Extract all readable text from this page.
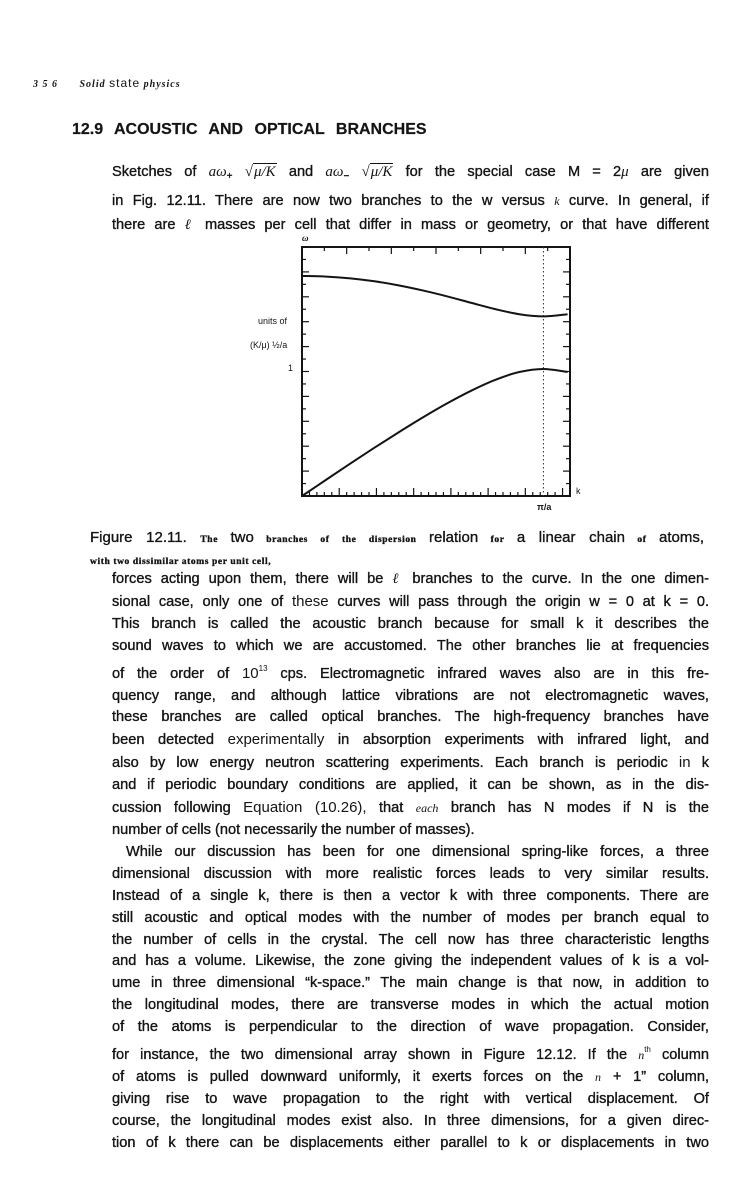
3 5 6 Solid state physics
12.9 ACOUSTIC AND OPTICAL BRANCHES
Sketches of $a\omega_+$ √μ/K and $a\omega_-$ √μ/K for the special case M = 2μ are given
in Fig. 12.11. There are now two branches to the w versus k curve. In general, if
there are ℓ masses per cell that differ in mass or geometry, or that have different
ω
units of
(K/μ) ½/a
1
k
π/a
Figure 12.11. The two branches of the dispersion relation for a linear chain of atoms,
with two dissimilar atoms per unit cell,
forces acting upon them, there will be ℓ branches to the curve. In the one dimen-
sional case, only one of these curves will pass through the origin w = 0 at k = 0.
This branch is called the acoustic branch because for small k it describes the
sound waves to which we are accustomed. The other branches lie at frequencies
of the order of $10^{13}$ cps. Electromagnetic infrared waves also are in this fre-
quency range, and although lattice vibrations are not electromagnetic waves,
these branches are called optical branches. The high-frequency branches have
been detected experimentally in absorption experiments with infrared light, and
also by low energy neutron scattering experiments. Each branch is periodic in k
and if periodic boundary conditions are applied, it can be shown, as in the dis-
cussion following Equation (10.26), that each branch has N modes if N is the
number of cells (not necessarily the number of masses).
While our discussion has been for one dimensional spring-like forces, a three
dimensional discussion with more realistic forces leads to very similar results.
Instead of a single k, there is then a vector k with three components. There are
still acoustic and optical modes with the number of modes per branch equal to
the number of cells in the crystal. The cell now has three characteristic lengths
and has a volume. Likewise, the zone giving the independent values of k is a vol-
ume in three dimensional “k-space.” The main change is that now, in addition to
the longitudinal modes, there are transverse modes in which the actual motion
of the atoms is perpendicular to the direction of wave propagation. Consider,
for instance, the two dimensional array shown in Figure 12.12. If the $n^{th}$ column
of atoms is pulled downward uniformly, it exerts forces on the n + 1” column,
giving rise to wave propagation to the right with vertical displacement. Of
course, the longitudinal modes exist also. In three dimensions, for a given direc-
tion of k there can be displacements either parallel to k or displacements in two
